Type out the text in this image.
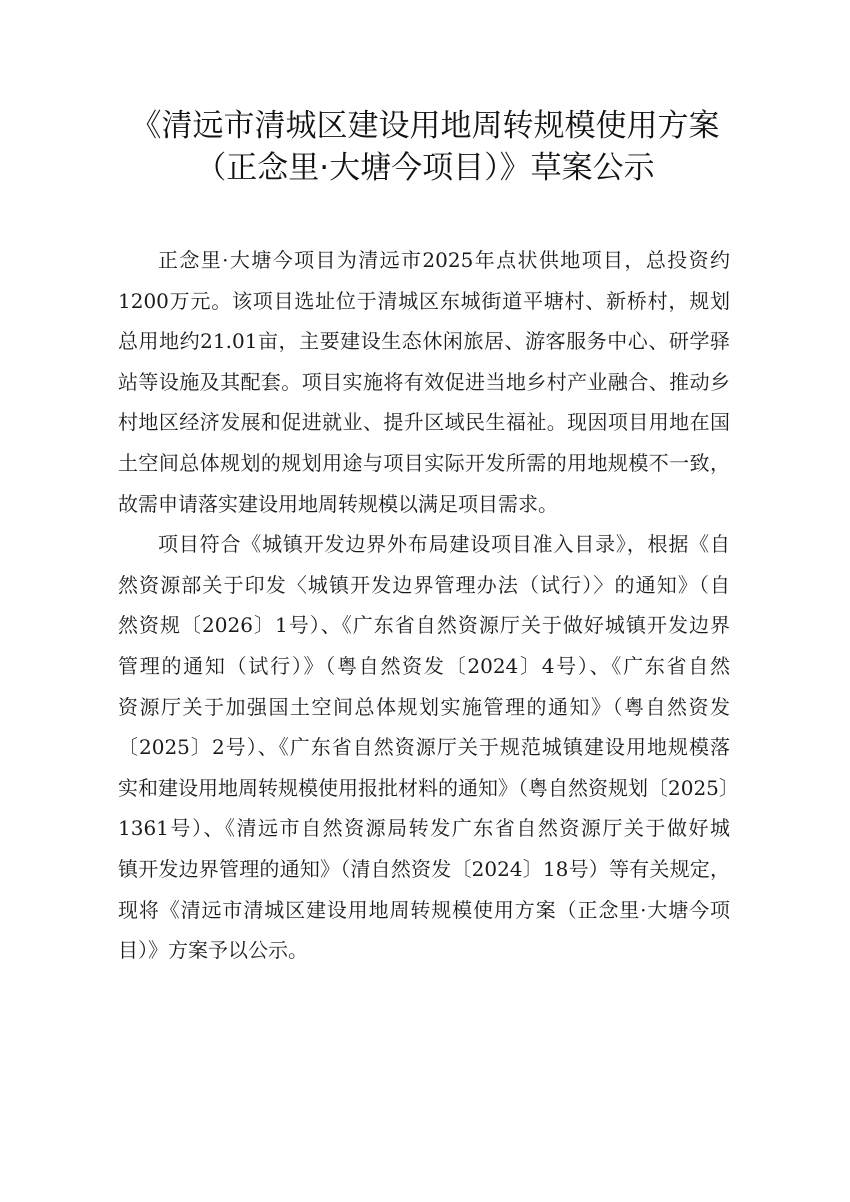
《清远市清城区建设用地周转规模使用方案
（正念里·大塘今项目）》草案公示

正念里·大塘今项目为清远市2025年点状供地项目，总投资约
1200万元。该项目选址位于清城区东城街道平塘村、新桥村，规划
总用地约21.01亩，主要建设生态休闲旅居、游客服务中心、研学驿
站等设施及其配套。项目实施将有效促进当地乡村产业融合、推动乡
村地区经济发展和促进就业、提升区域民生福祉。现因项目用地在国
土空间总体规划的规划用途与项目实际开发所需的用地规模不一致，
故需申请落实建设用地周转规模以满足项目需求。

项目符合《城镇开发边界外布局建设项目准入目录》，根据《自
然资源部关于印发〈城镇开发边界管理办法（试行）〉的通知》（自
然资规〔2026〕1号）、《广东省自然资源厅关于做好城镇开发边界
管理的通知（试行）》（粤自然资发〔2024〕4号）、《广东省自然
资源厅关于加强国土空间总体规划实施管理的通知》（粤自然资发
〔2025〕2号）、《广东省自然资源厅关于规范城镇建设用地规模落
实和建设用地周转规模使用报批材料的通知》（粤自然资规划〔2025〕
1361号）、《清远市自然资源局转发广东省自然资源厅关于做好城
镇开发边界管理的通知》（清自然资发〔2024〕18号）等有关规定，
现将《清远市清城区建设用地周转规模使用方案（正念里·大塘今项
目）》方案予以公示。
